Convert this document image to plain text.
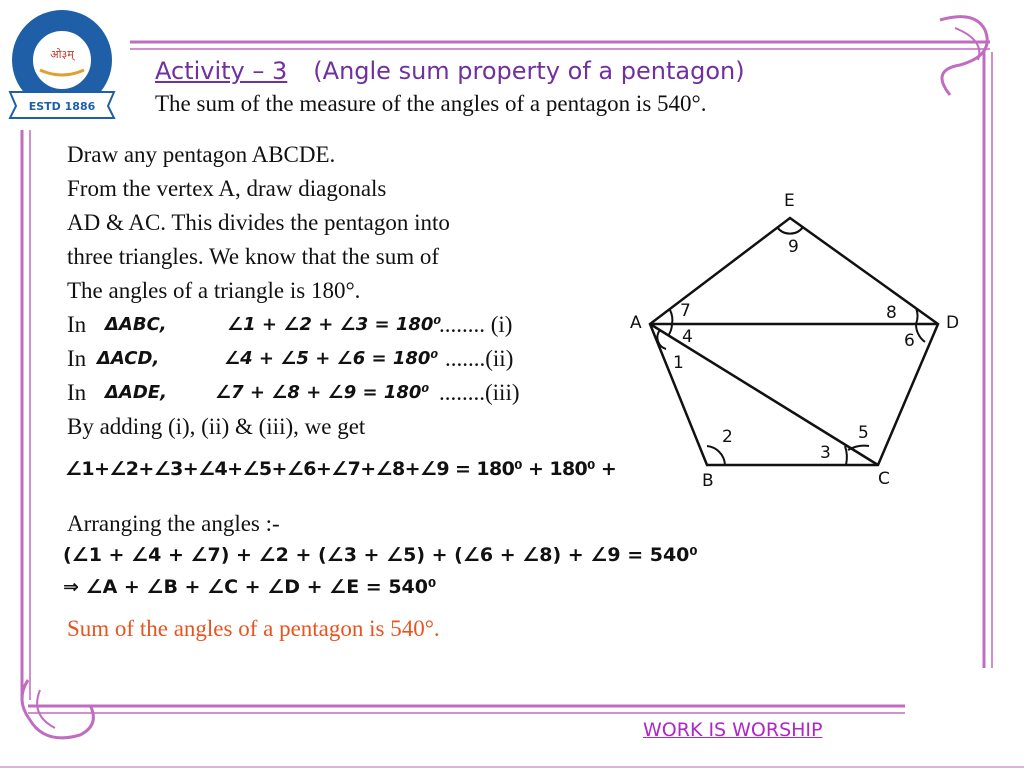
ओ३म्
ESTD 1886
Activity – 3 (Angle sum property of a pentagon)
The sum of the measure of the angles of a pentagon is 540°.
Draw any pentagon ABCDE.
From the vertex A, draw diagonals
AD & AC. This divides the pentagon into
three triangles. We know that the sum of
The angles of a triangle is 180°.
In ΔABC,	∠1 + ∠2 + ∠3 = 180⁰
........ (i)
In ΔACD,	∠4 + ∠5 + ∠6 = 180⁰ .......(ii)
In ΔADE,	∠7 + ∠8 + ∠9 = 180⁰ ........(iii)
By adding (i), (ii) & (iii), we get
∠1+∠2+∠3+∠4+∠5+∠6+∠7+∠8+∠9 = 180⁰ + 180⁰ + 180⁰
Arranging the angles :-
(∠1 + ∠4 + ∠7) + ∠2 + (∠3 + ∠5) + (∠6 + ∠8) + ∠9 = 540⁰
⇒ ∠A + ∠B + ∠C + ∠D + ∠E = 540⁰
Sum of the angles of a pentagon is 540°.
WORK IS WORSHIP
E
A	D
B	C
1
2
3
4
5
6
7	8
9
